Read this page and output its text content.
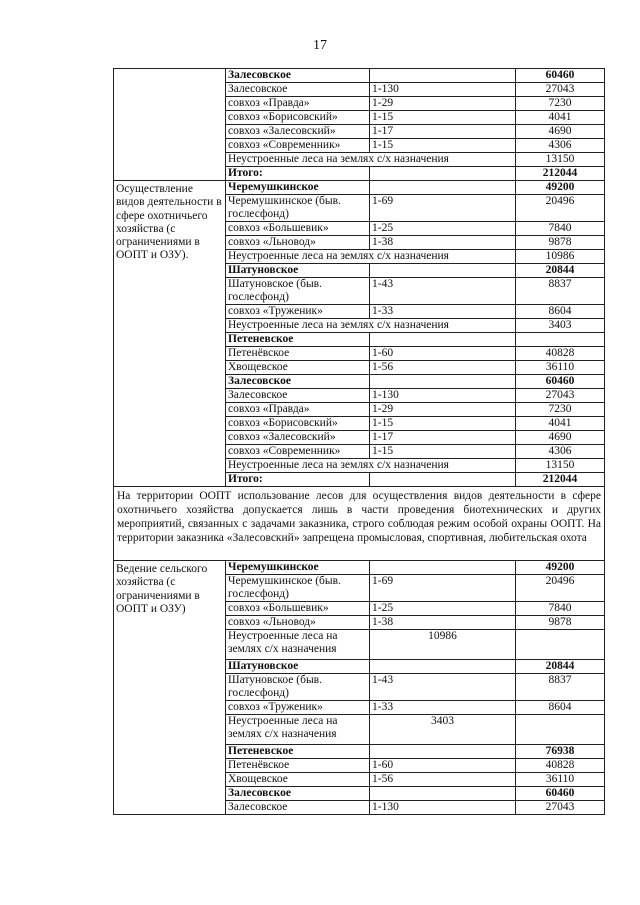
17
	Залесовское		60460
	Залесовское	1-130	27043
	совхоз «Правда»	1-29	7230
	совхоз «Борисовский»	1-15	4041
	совхоз «Залесовский»	1-17	4690
	совхоз «Современник»	1-15	4306
	Неустроенные леса на землях с/х назначения		13150
	Итого:		212044
Осуществление видов деятельности в сфере охотничьего хозяйства (с ограничениями в ООПТ и ОЗУ).	Черемушкинское		49200
	Черемушкинское (быв. гослесфонд)	1-69	20496
	совхоз «Большевик»	1-25	7840
	совхоз «Льновод»	1-38	9878
	Неустроенные леса на землях с/х назначения		10986
	Шатуновское		20844
	Шатуновское (быв. гослесфонд)	1-43	8837
	совхоз «Труженик»	1-33	8604
	Неустроенные леса на землях с/х назначения		3403
	Петеневское		
	Петенёвское	1-60	40828
	Хвощевское	1-56	36110
	Залесовское		60460
	Залесовское	1-130	27043
	совхоз «Правда»	1-29	7230
	совхоз «Борисовский»	1-15	4041
	совхоз «Залесовский»	1-17	4690
	совхоз «Современник»	1-15	4306
	Неустроенные леса на землях с/х назначения		13150
	Итого:		212044
На территории ООПТ использование лесов для осуществления видов деятельности в сфере охотничьего хозяйства допускается лишь в части проведения биотехнических и других мероприятий, связанных с задачами заказника, строго соблюдая режим особой охраны ООПТ. На территории заказника «Залесовский» запрещена промысловая, спортивная, любительская охота			
Ведение сельского хозяйства (с ограничениями в ООПТ и ОЗУ)	Черемушкинское		49200
	Черемушкинское (быв. гослесфонд)	1-69	20496
	совхоз «Большевик»	1-25	7840
	совхоз «Льновод»	1-38	9878
	Неустроенные леса на землях с/х назначения	10986	
	Шатуновское		20844
	Шатуновское (быв. гослесфонд)	1-43	8837
	совхоз «Труженик»	1-33	8604
	Неустроенные леса на землях с/х назначения	3403	
	Петеневское		76938
	Петенёвское	1-60	40828
	Хвощевское	1-56	36110
	Залесовское		60460
	Залесовское	1-130	27043
